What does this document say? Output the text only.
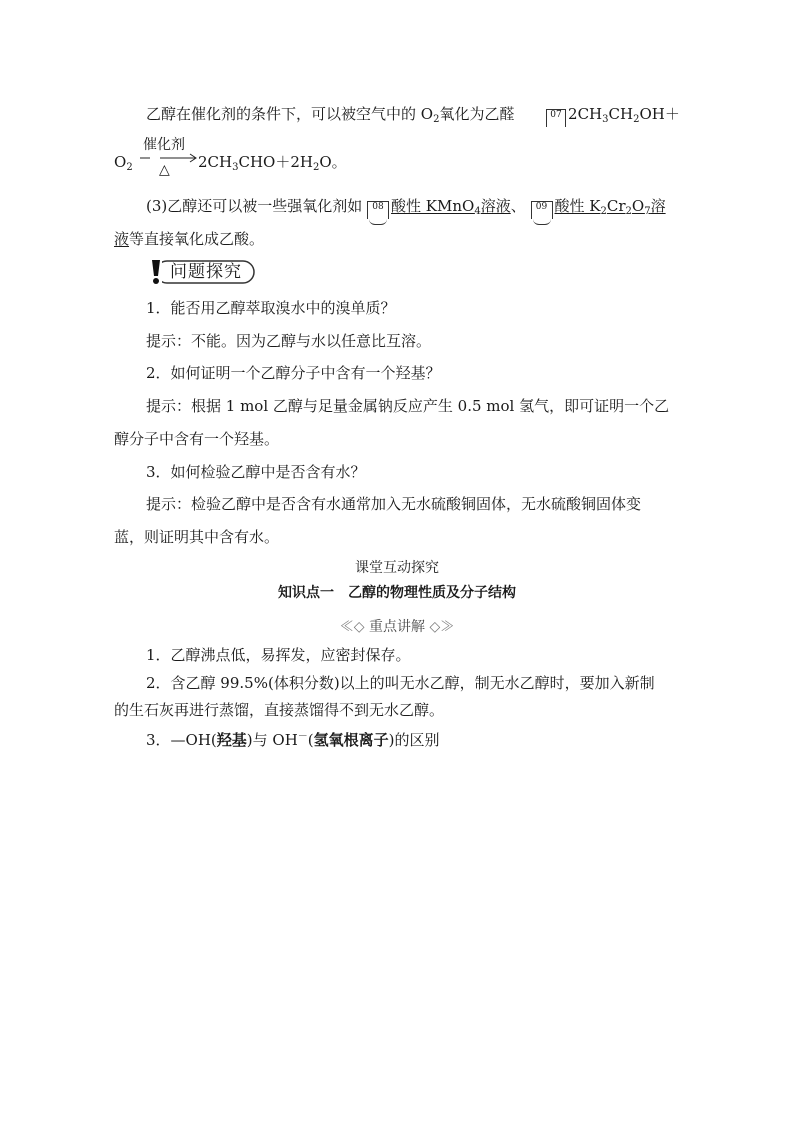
乙醇在催化剂的条件下，可以被空气中的 $O_2$氧化为乙醛	07 $2CH_3CH_2OH+$
$O_2$
催化剂
△ $2CH_3CHO+2H_2O$。
(3)乙醇还可以被一些强氧化剂如 08 酸性 KMnO$_4$溶液、 09 酸性 $K_2Cr_2O_7$溶
液等直接氧化成乙酸。
问题探究
1．能否用乙醇萃取溴水中的溴单质？
提示：不能。因为乙醇与水以任意比互溶。
2．如何证明一个乙醇分子中含有一个羟基？
提示：根据 1 mol 乙醇与足量金属钠反应产生 0.5 mol 氢气，即可证明一个乙
醇分子中含有一个羟基。
3．如何检验乙醇中是否含有水？
提示：检验乙醇中是否含有水通常加入无水硫酸铜固体，无水硫酸铜固体变
蓝，则证明其中含有水。
课堂互动探究
知识点一　乙醇的物理性质及分子结构
≪◇ 重点讲解 ◇≫
1．乙醇沸点低，易挥发，应密封保存。
2．含乙醇 99.5%(体积分数)以上的叫无水乙醇，制无水乙醇时，要加入新制
的生石灰再进行蒸馏，直接蒸馏得不到无水乙醇。
3．—OH(羟基)与 OH－(氢氧根离子)的区别
